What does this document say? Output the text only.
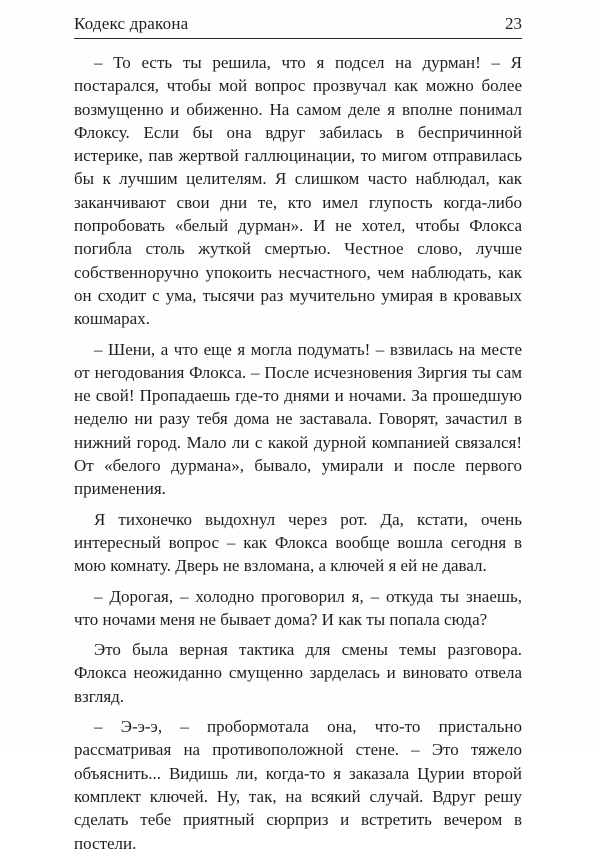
Кодекс дракона	23

– То есть ты решила, что я подсел на дурман! – Я постарался, чтобы мой вопрос прозвучал как можно более возмущенно и обиженно. На самом деле я вполне понимал Флоксу. Если бы она вдруг забилась в беспричинной истерике, пав жертвой галлюцинации, то мигом отправилась бы к лучшим целителям. Я слишком часто наблюдал, как заканчивают свои дни те, кто имел глупость когда-либо попробовать «белый дурман». И не хотел, чтобы Флокса погибла столь жуткой смертью. Честное слово, лучше собственноручно упокоить несчастного, чем наблюдать, как он сходит с ума, тысячи раз мучительно умирая в кровавых кошмарах.

– Шени, а что еще я могла подумать! – взвилась на месте от негодования Флокса. – После исчезновения Зиргия ты сам не свой! Пропадаешь где-то днями и ночами. За прошедшую неделю ни разу тебя дома не заставала. Говорят, зачастил в нижний город. Мало ли с какой дурной компанией связался! От «белого дурмана», бывало, умирали и после первого применения.

Я тихонечко выдохнул через рот. Да, кстати, очень интересный вопрос – как Флокса вообще вошла сегодня в мою комнату. Дверь не взломана, а ключей я ей не давал.

– Дорогая, – холодно проговорил я, – откуда ты знаешь, что ночами меня не бывает дома? И как ты попала сюда?

Это была верная тактика для смены темы разговора. Флокса неожиданно смущенно зарделась и виновато отвела взгляд.

– Э-э-э, – пробормотала она, что-то пристально рассматривая на противоположной стене. – Это тяжело объяснить... Видишь ли, когда-то я заказала Цурии второй комплект ключей. Ну, так, на всякий случай. Вдруг решу сделать тебе приятный сюрприз и встретить вечером в постели.
